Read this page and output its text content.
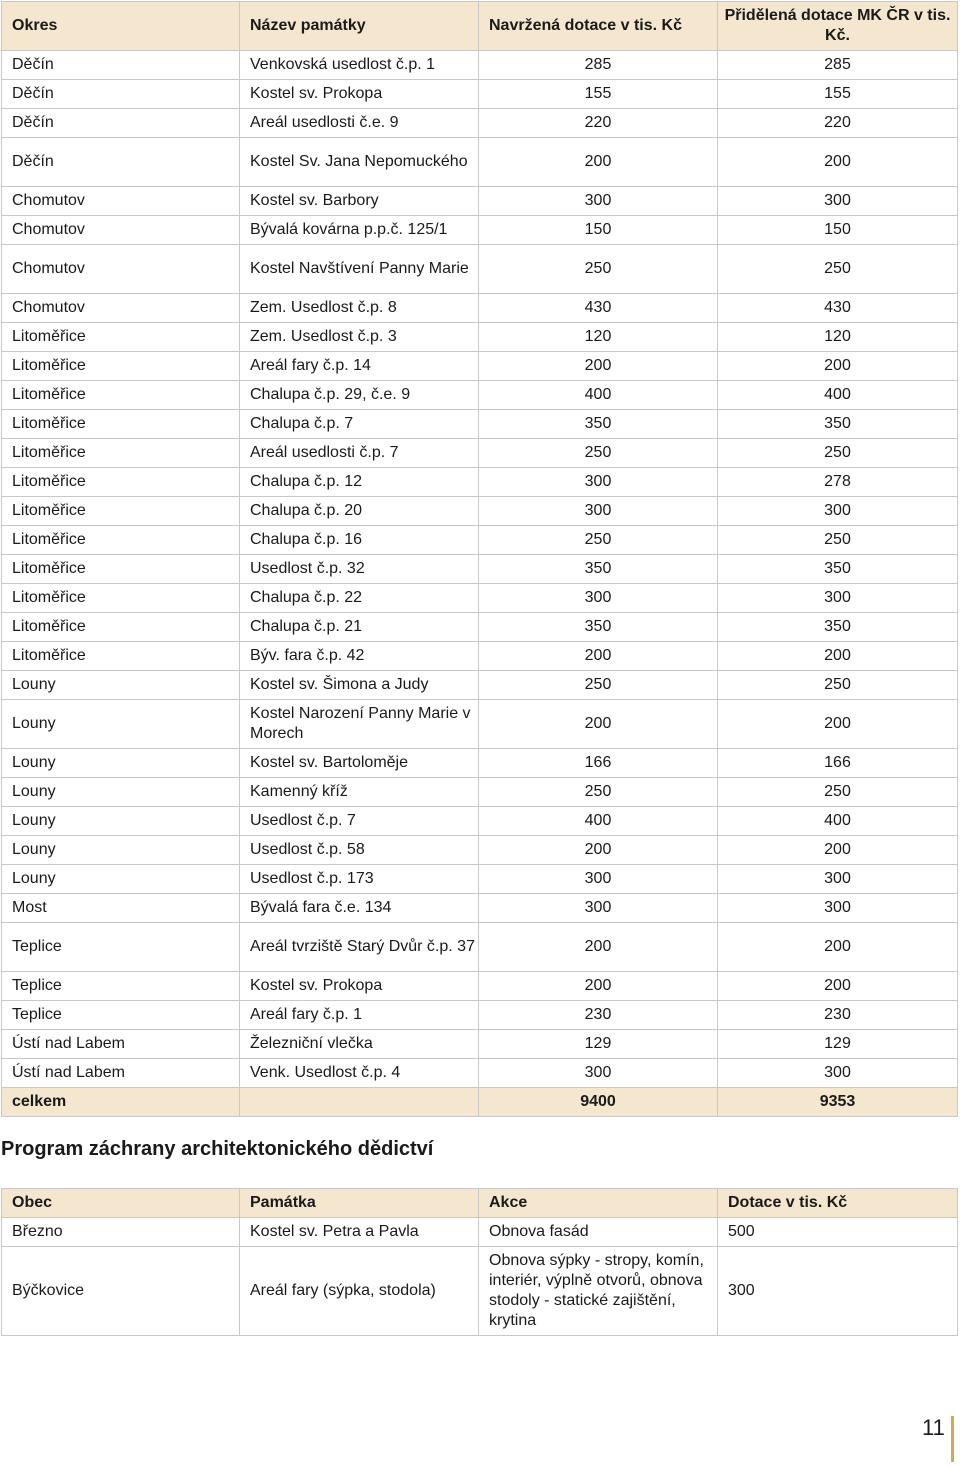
Okres	Název památky	Navržená dotace v tis. Kč	Přidělená dotace MK ČR v tis. Kč.
Děčín	Venkovská usedlost č.p. 1	285	285
Děčín	Kostel sv. Prokopa	155	155
Děčín	Areál usedlosti č.e. 9	220	220
Děčín	Kostel Sv. Jana Nepomuckého	200	200
Chomutov	Kostel sv. Barbory	300	300
Chomutov	Bývalá kovárna p.p.č. 125/1	150	150
Chomutov	Kostel Navštívení Panny Marie	250	250
Chomutov	Zem. Usedlost č.p. 8	430	430
Litoměřice	Zem. Usedlost č.p. 3	120	120
Litoměřice	Areál fary č.p. 14	200	200
Litoměřice	Chalupa č.p. 29, č.e. 9	400	400
Litoměřice	Chalupa č.p. 7	350	350
Litoměřice	Areál usedlosti č.p. 7	250	250
Litoměřice	Chalupa č.p. 12	300	278
Litoměřice	Chalupa č.p. 20	300	300
Litoměřice	Chalupa č.p. 16	250	250
Litoměřice	Usedlost č.p. 32	350	350
Litoměřice	Chalupa č.p. 22	300	300
Litoměřice	Chalupa č.p. 21	350	350
Litoměřice	Býv. fara č.p. 42	200	200
Louny	Kostel sv. Šimona a Judy	250	250
Louny	Kostel Narození Panny Marie v Morech	200	200
Louny	Kostel sv. Bartoloměje	166	166
Louny	Kamenný kříž	250	250
Louny	Usedlost č.p. 7	400	400
Louny	Usedlost č.p. 58	200	200
Louny	Usedlost č.p. 173	300	300
Most	Bývalá fara č.e. 134	300	300
Teplice	Areál tvrziště Starý Dvůr č.p. 37	200	200
Teplice	Kostel sv. Prokopa	200	200
Teplice	Areál fary č.p. 1	230	230
Ústí nad Labem	Železniční vlečka	129	129
Ústí nad Labem	Venk. Usedlost č.p. 4	300	300
celkem		9400	9353
Program záchrany architektonického dědictví
Obec	Památka	Akce	Dotace v tis. Kč
Březno	Kostel sv. Petra a Pavla	Obnova fasád	500
Býčkovice	Areál fary (sýpka, stodola)	Obnova sýpky - stropy, komín, interiér, výplně otvorů, obnova stodoly - statické zajištění, krytina	300
11
